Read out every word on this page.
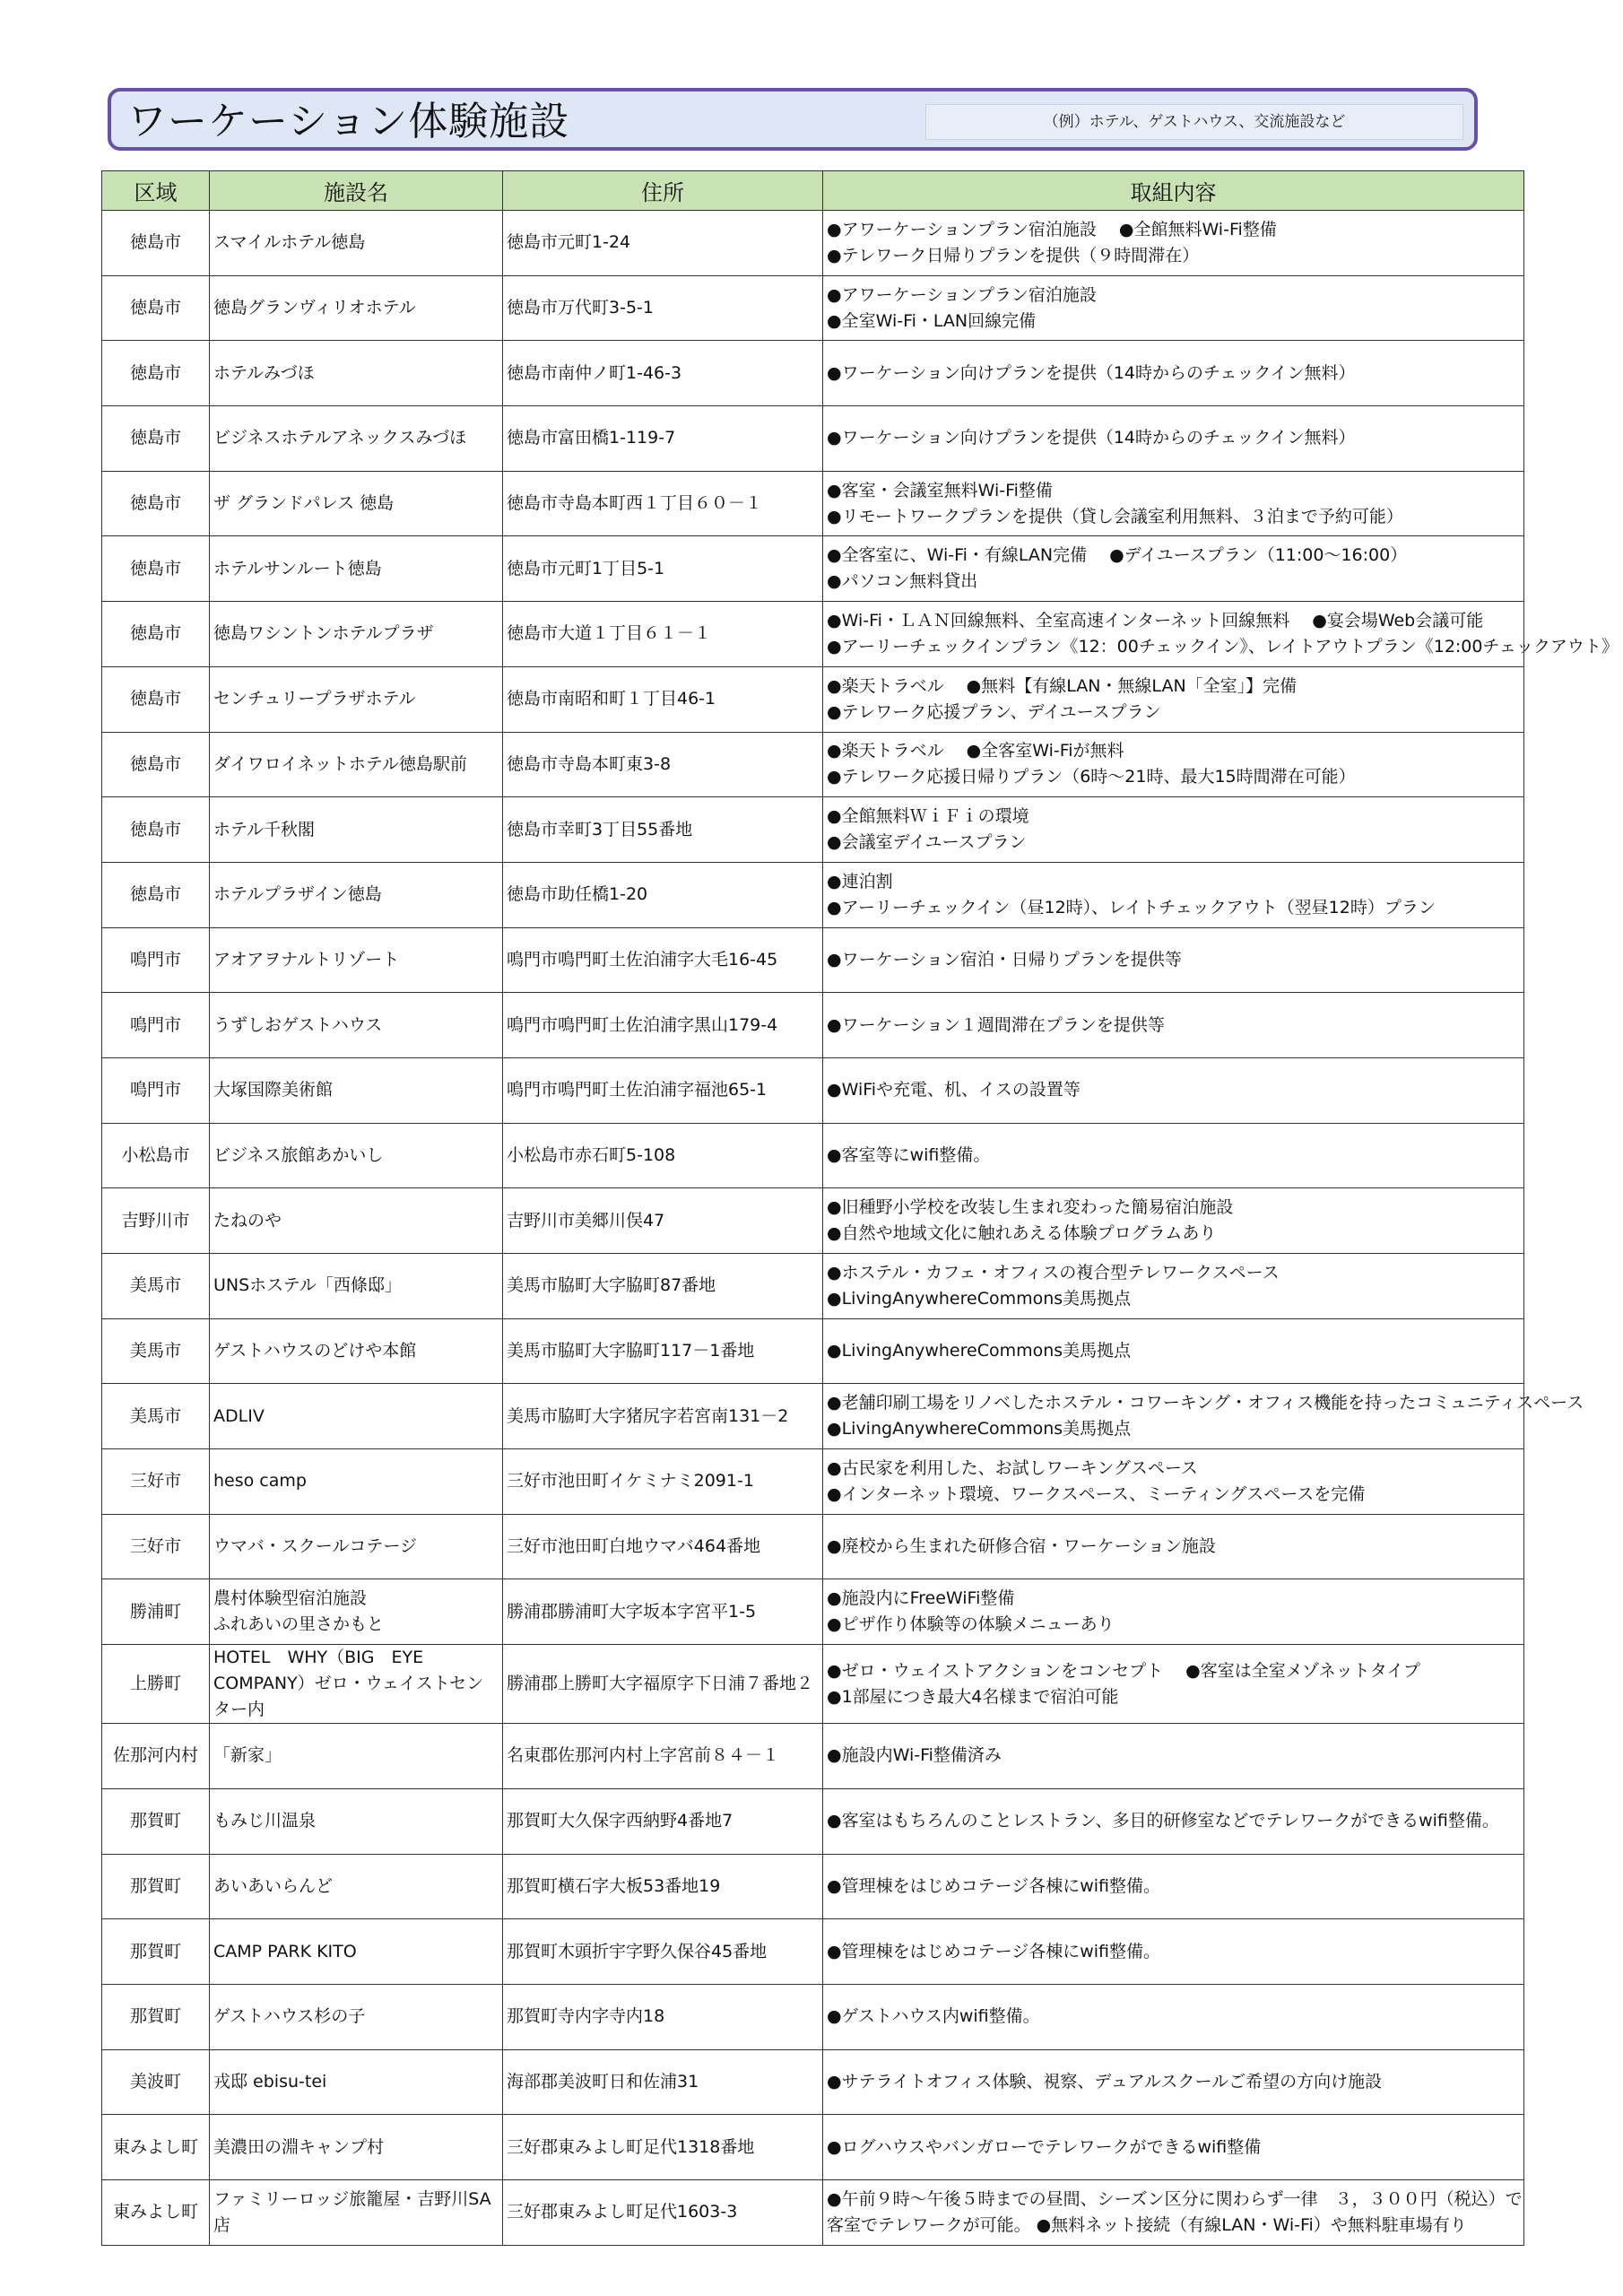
ワーケーション体験施設	（例）ホテル、ゲストハウス、交流施設など
区域	施設名	住所	取組内容
徳島市	スマイルホテル徳島	徳島市元町1-24	●アワーケーションプラン宿泊施設　 ●全館無料Wi-Fi整備
●テレワーク日帰りプランを提供（９時間滞在）

徳島市	徳島グランヴィリオホテル	徳島市万代町3-5-1	●アワーケーションプラン宿泊施設
●全室Wi-Fi・LAN回線完備

徳島市	ホテルみづほ	徳島市南仲ノ町1-46-3	●ワーケーション向けプランを提供（14時からのチェックイン無料）

徳島市	ビジネスホテルアネックスみづほ	徳島市富田橋1-119-7	●ワーケーション向けプランを提供（14時からのチェックイン無料）

徳島市	ザ グランドパレス 徳島	徳島市寺島本町西１丁目６０－１	●客室・会議室無料Wi-Fi整備
●リモートワークプランを提供（貸し会議室利用無料、３泊まで予約可能）

徳島市	ホテルサンルート徳島	徳島市元町1丁目5-1	●全客室に、Wi-Fi・有線LAN完備　 ●デイユースプラン（11:00～16:00）
●パソコン無料貸出

徳島市	徳島ワシントンホテルプラザ	徳島市大道１丁目６１－１	●Wi-Fi・ＬＡＮ回線無料、全室高速インターネット回線無料　 ●宴会場Web会議可能
●アーリーチェックインプラン《12：00チェックイン》、レイトアウトプラン《12:00チェックアウト》

徳島市	センチュリープラザホテル	徳島市南昭和町１丁目46-1	●楽天トラベル　 ●無料【有線LAN・無線LAN「全室」】完備
●テレワーク応援プラン、デイユースプラン

徳島市	ダイワロイネットホテル徳島駅前	徳島市寺島本町東3-8	●楽天トラベル　 ●全客室Wi-Fiが無料
●テレワーク応援日帰りプラン（6時～21時、最大15時間滞在可能）

徳島市	ホテル千秋閣	徳島市幸町3丁目55番地	●全館無料ＷｉＦｉの環境
●会議室デイユースプラン

徳島市	ホテルプラザイン徳島	徳島市助任橋1-20	●連泊割
●アーリーチェックイン（昼12時）、レイトチェックアウト（翌昼12時）プラン

鳴門市	アオアヲナルトリゾート	鳴門市鳴門町土佐泊浦字大毛16-45	●ワーケーション宿泊・日帰りプランを提供等

鳴門市	うずしおゲストハウス	鳴門市鳴門町土佐泊浦字黒山179-4	●ワーケーション１週間滞在プランを提供等

鳴門市	大塚国際美術館	鳴門市鳴門町土佐泊浦字福池65-1	●WiFiや充電、机、イスの設置等

小松島市	ビジネス旅館あかいし	小松島市赤石町5-108	●客室等にwifi整備。

吉野川市	たねのや	吉野川市美郷川俣47	●旧種野小学校を改装し生まれ変わった簡易宿泊施設
●自然や地域文化に触れあえる体験プログラムあり

美馬市	UNSホステル「西條邸」	美馬市脇町大字脇町87番地	●ホステル・カフェ・オフィスの複合型テレワークスペース
●LivingAnywhereCommons美馬拠点

美馬市	ゲストハウスのどけや本館	美馬市脇町大字脇町117－1番地	●LivingAnywhereCommons美馬拠点

美馬市	ADLIV	美馬市脇町大字猪尻字若宮南131－2	●老舗印刷工場をリノベしたホステル・コワーキング・オフィス機能を持ったコミュニティスペース
●LivingAnywhereCommons美馬拠点

三好市	heso camp	三好市池田町イケミナミ2091-1	●古民家を利用した、お試しワーキングスペース
●インターネット環境、ワークスペース、ミーティングスペースを完備

三好市	ウマバ・スクールコテージ	三好市池田町白地ウマバ464番地	●廃校から生まれた研修合宿・ワーケーション施設

勝浦町	農村体験型宿泊施設
ふれあいの里さかもと	勝浦郡勝浦町大字坂本字宮平1-5	●施設内にFreeWiFi整備
●ピザ作り体験等の体験メニューあり

上勝町	HOTEL　WHY（BIG　EYE
COMPANY）ゼロ・ウェイストセンター内	勝浦郡上勝町大字福原字下日浦７番地２	●ゼロ・ウェイストアクションをコンセプト　 ●客室は全室メゾネットタイプ
●1部屋につき最大4名様まで宿泊可能

佐那河内村	「新家」	名東郡佐那河内村上字宮前８４－１	●施設内Wi-Fi整備済み

那賀町	もみじ川温泉	那賀町大久保字西納野4番地7	●客室はもちろんのことレストラン、多目的研修室などでテレワークができるwifi整備。

那賀町	あいあいらんど	那賀町横石字大板53番地19	●管理棟をはじめコテージ各棟にwifi整備。

那賀町	CAMP PARK KITO	那賀町木頭折宇字野久保谷45番地	●管理棟をはじめコテージ各棟にwifi整備。

那賀町	ゲストハウス杉の子	那賀町寺内字寺内18	●ゲストハウス内wifi整備。

美波町	戎邸 ebisu-tei	海部郡美波町日和佐浦31	●サテライトオフィス体験、視察、デュアルスクールご希望の方向け施設

東みよし町	美濃田の淵キャンプ村	三好郡東みよし町足代1318番地	●ログハウスやバンガローでテレワークができるwifi整備

東みよし町	ファミリーロッジ旅籠屋・吉野川SA店	三好郡東みよし町足代1603-3	●午前９時～午後５時までの昼間、シーズン区分に関わらず一律　３，３００円（税込）で
客室でテレワークが可能。 ●無料ネット接続（有線LAN・Wi-Fi）や無料駐車場有り
